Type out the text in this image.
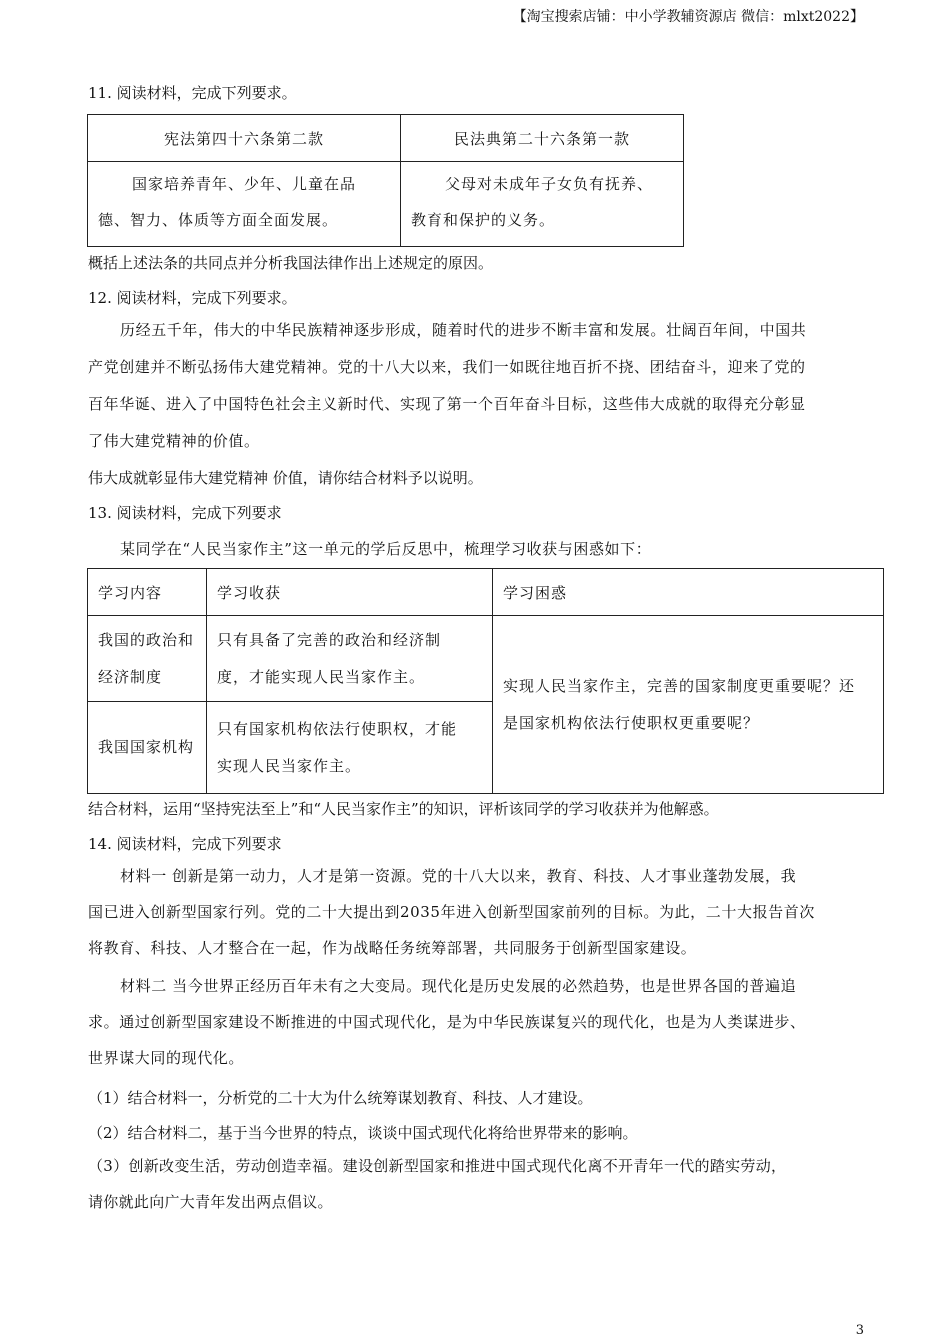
【淘宝搜索店铺：中小学教辅资源店 微信：mlxt2022】
11. 阅读材料，完成下列要求。
宪法第四十六条第二款	民法典第二十六条第一款

国家培养青年、少年、儿童在品
德、智力、体质等方面全面发展。	父母对未成年子女负有抚养、
教育和保护的义务。
概括上述法条的共同点并分析我国法律作出上述规定的原因。
12. 阅读材料，完成下列要求。
历经五千年，伟大的中华民族精神逐步形成，随着时代的进步不断丰富和发展。壮阔百年间，中国共
产党创建并不断弘扬伟大建党精神。党的十八大以来，我们一如既往地百折不挠、团结奋斗，迎来了党的
百年华诞、进入了中国特色社会主义新时代、实现了第一个百年奋斗目标，这些伟大成就的取得充分彰显
了伟大建党精神的价值。
伟大成就彰显伟大建党精神 价值，请你结合材料予以说明。
13. 阅读材料，完成下列要求
某同学在“人民当家作主”这一单元的学后反思中，梳理学习收获与困惑如下：
学习内容	学习收获	学习困惑

我国的政治和
经济制度	只有具备了完善的政治和经济制
度，才能实现人民当家作主。	实现人民当家作主，完善的国家制度更重要呢？还
是国家机构依法行使职权更重要呢？

我国国家机构	只有国家机构依法行使职权，才能
实现人民当家作主。	
结合材料，运用“坚持宪法至上”和“人民当家作主”的知识，评析该同学的学习收获并为他解惑。
14. 阅读材料，完成下列要求
材料一 创新是第一动力，人才是第一资源。党的十八大以来，教育、科技、人才事业蓬勃发展，我
国已进入创新型国家行列。党的二十大提出到2035年进入创新型国家前列的目标。为此，二十大报告首次
将教育、科技、人才整合在一起，作为战略任务统筹部署，共同服务于创新型国家建设。
材料二 当今世界正经历百年未有之大变局。现代化是历史发展的必然趋势，也是世界各国的普遍追
求。通过创新型国家建设不断推进的中国式现代化，是为中华民族谋复兴的现代化，也是为人类谋进步、
世界谋大同的现代化。
（1）结合材料一，分析党的二十大为什么统筹谋划教育、科技、人才建设。
（2）结合材料二，基于当今世界的特点，谈谈中国式现代化将给世界带来的影响。
（3）创新改变生活，劳动创造幸福。建设创新型国家和推进中国式现代化离不开青年一代的踏实劳动，
请你就此向广大青年发出两点倡议。
3
